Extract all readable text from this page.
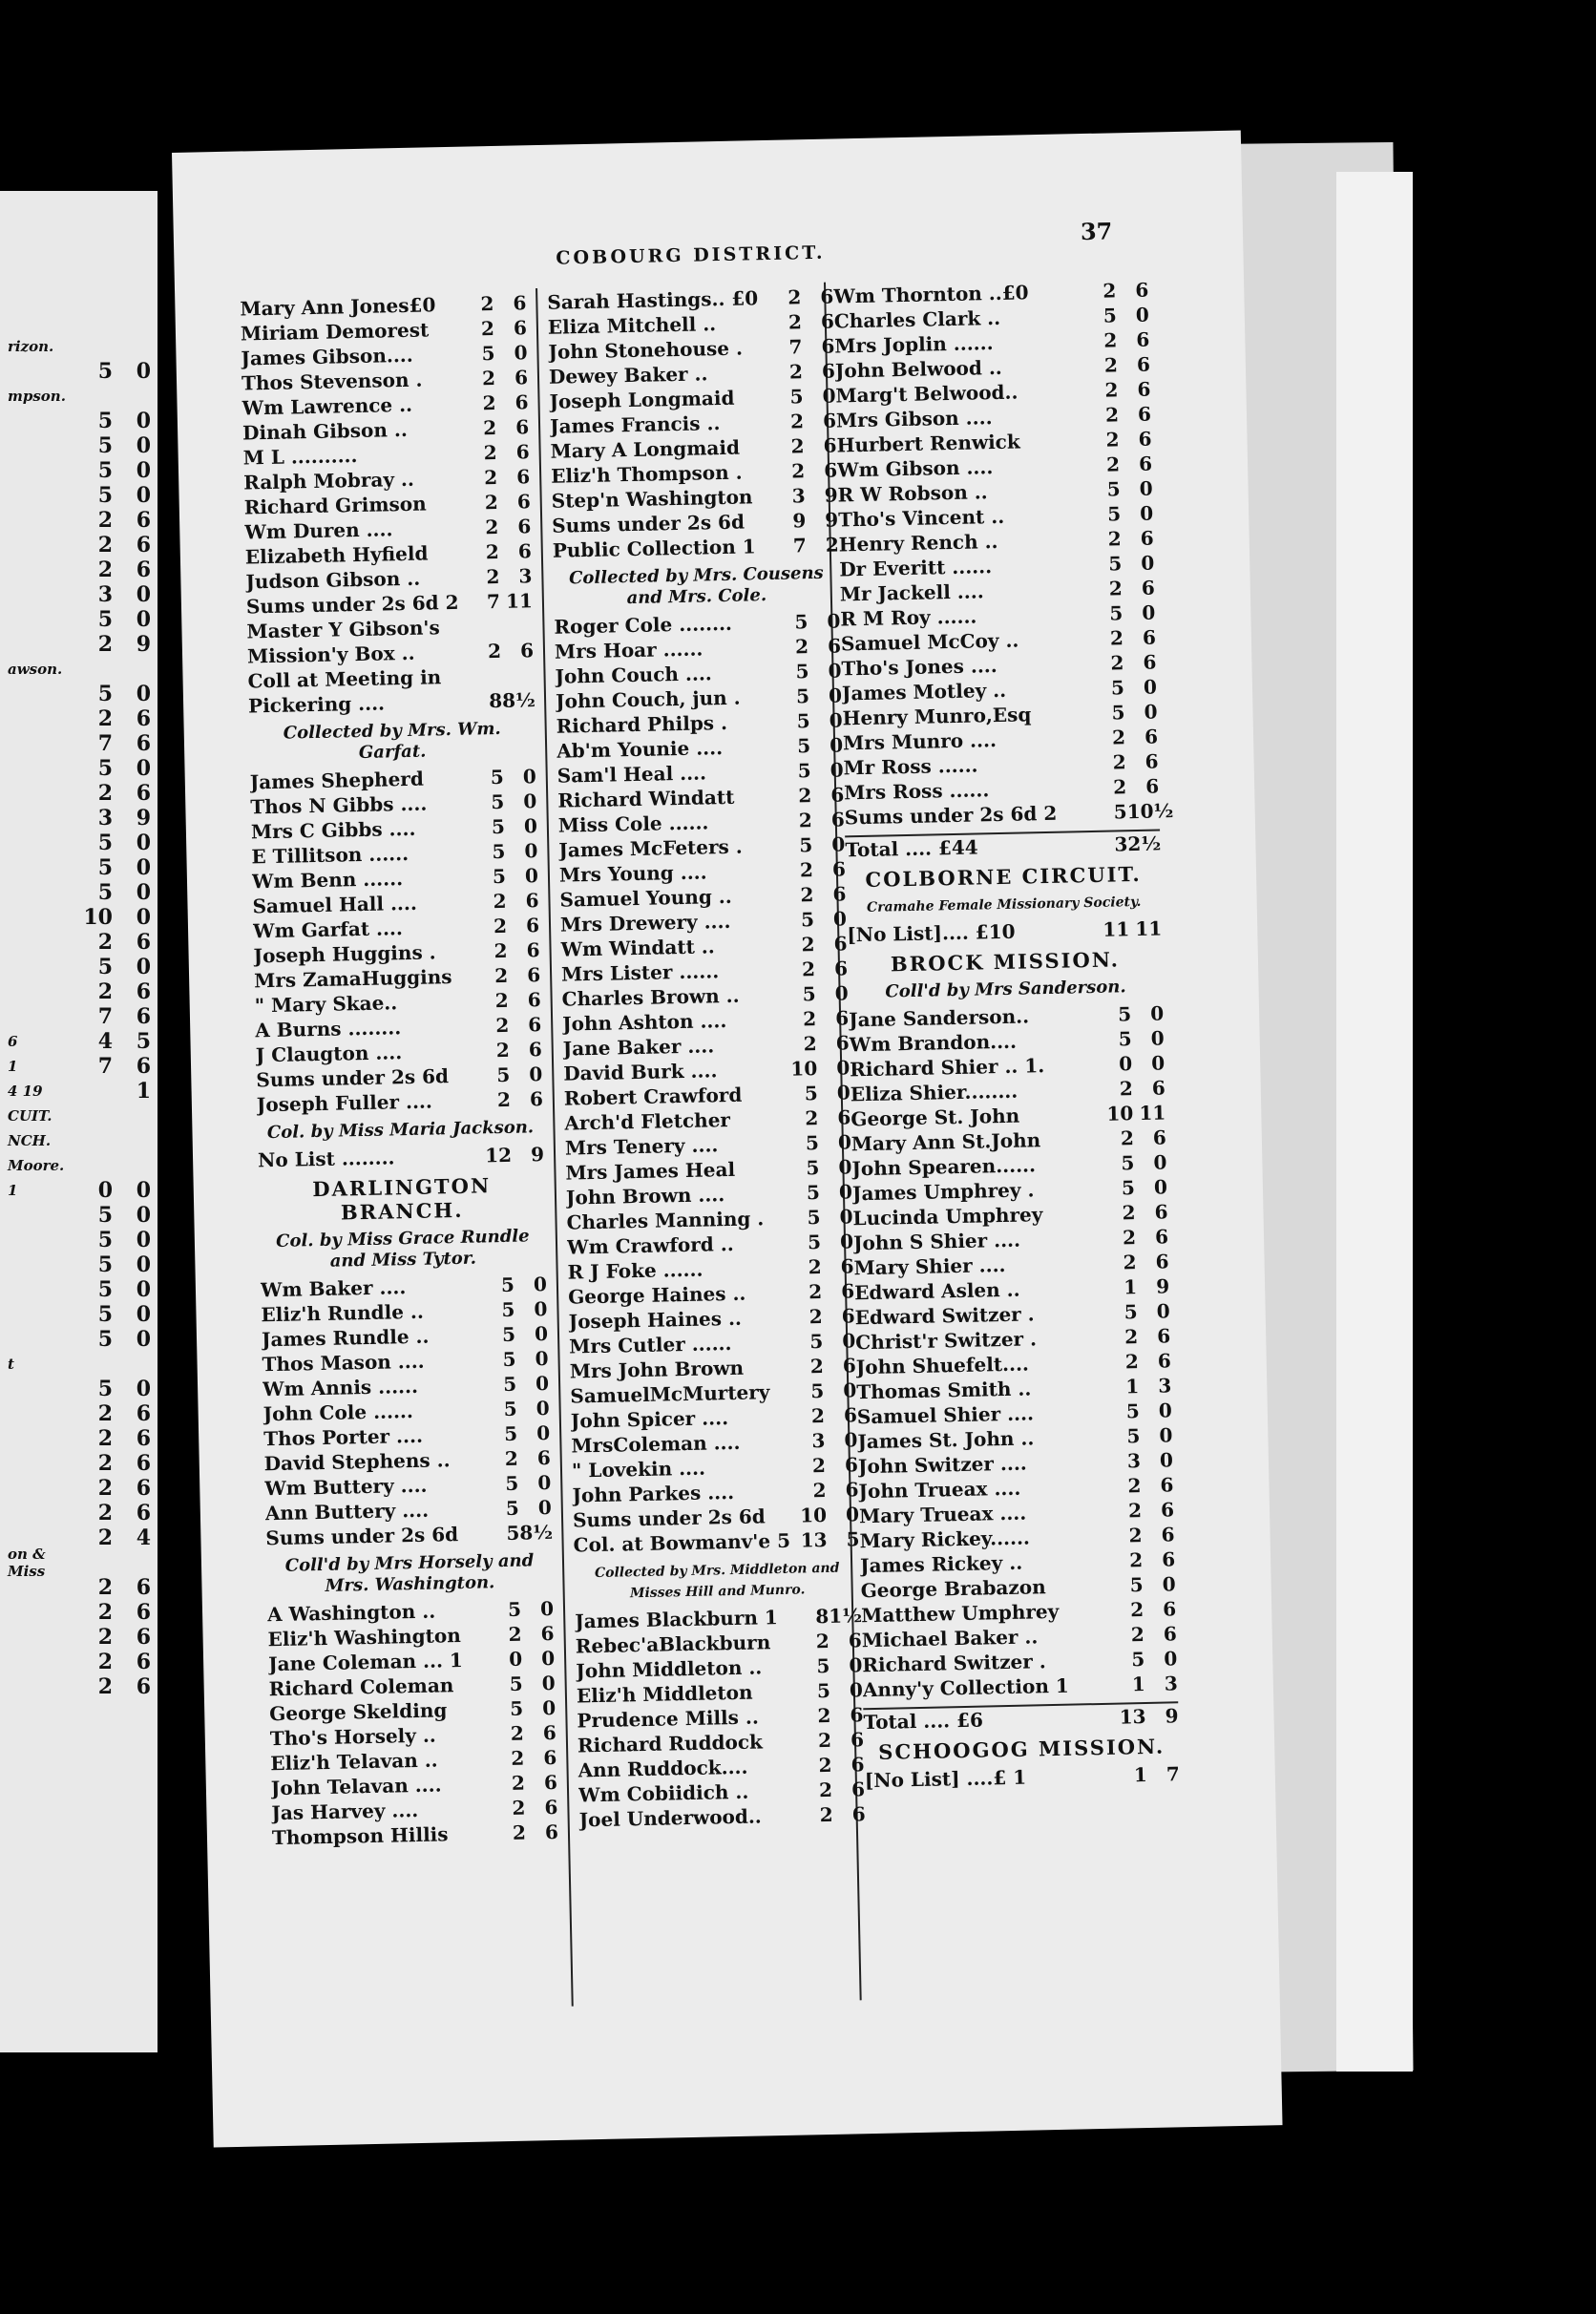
rizon.
5	0
mpson.
5	0
5	0
5	0
5	0
2	6
2	6
2	6
3	0
5	0
2	9
awson.
5	0
2	6
7	6
5	0
2	6
3	9
5	0
5	0
5	0
10	0
2	6
5	0
2	6
7	6
6	4	5
1	7	6
4 19	1
CUIT.
NCH.
Moore.
1	0	0
5	0
5	0
5	0
5	0
5	0
5	0
t
5	0
2	6
2	6
2	6
2	6
2	6
2	4
on & Miss
2	6
2	6
2	6
2	6
2	6
COBOURG DISTRICT.
37
Mary Ann Jones£0	2 6
Miriam Demorest	2 6
James Gibson....	5 0
Thos Stevenson .	2 6
Wm Lawrence ..	2 6
Dinah Gibson ..	2 6
M L ..........	2 6
Ralph Mobray ..	2 6
Richard Grimson	2 6
Wm Duren ....	2 6
Elizabeth Hyfield	2 6
Judson Gibson ..	2 3
Sums under 2s 6d 2	7 11
Master Y Gibson's
Mission'y Box ..	2 6
Coll at Meeting in
Pickering ....	8 8½
Collected by Mrs. Wm. Garfat.
James Shepherd	5 0
Thos N Gibbs ....	5 0
Mrs C Gibbs ....	5 0
E Tillitson ......	5 0
Wm Benn ......	5 0
Samuel Hall ....	2 6
Wm Garfat ....	2 6
Joseph Huggins .	2 6
Mrs ZamaHuggins	2 6
" Mary Skae..	2 6
A Burns ........	2 6
J Claugton ....	2 6
Sums under 2s 6d	5 0
Joseph Fuller ....	2 6
Col. by Miss Maria Jackson.
No List ........	12 9
DARLINGTON BRANCH.
Col. by Miss Grace Rundle and Miss Tytor.
Wm Baker ....	5 0
Eliz'h Rundle ..	5 0
James Rundle ..	5 0
Thos Mason ....	5 0
Wm Annis ......	5 0
John Cole ......	5 0
Thos Porter ....	5 0
David Stephens ..	2 6
Wm Buttery ....	5 0
Ann Buttery ....	5 0
Sums under 2s 6d	5 8½
Coll'd by Mrs Horsely and Mrs. Washington.
A Washington ..	5 0
Eliz'h Washington	2 6
Jane Coleman ... 1	0 0
Richard Coleman	5 0
George Skelding	5 0
Tho's Horsely ..	2 6
Eliz'h Telavan ..	2 6
John Telavan ....	2 6
Jas Harvey ....	2 6
Thompson Hillis	2 6
Sarah Hastings.. £0	2 6
Eliza Mitchell ..	2 6
John Stonehouse .	7 6
Dewey Baker ..	2 6
Joseph Longmaid	5 0
James Francis ..	2 6
Mary A Longmaid	2 6
Eliz'h Thompson .	2 6
Step'n Washington	3 9
Sums under 2s 6d	9 9
Public Collection 1	7 2
Collected by Mrs. Cousens and Mrs. Cole.
Roger Cole ........	5 0
Mrs Hoar ......	2 6
John Couch ....	5 0
John Couch, jun .	5 0
Richard Philps .	5 0
Ab'm Younie ....	5 0
Sam'l Heal ....	5 0
Richard Windatt	2 6
Miss Cole ......	2 6
James McFeters .	5 0
Mrs Young ....	2 6
Samuel Young ..	2 6
Mrs Drewery ....	5 0
Wm Windatt ..	2 6
Mrs Lister ......	2 6
Charles Brown ..	5 0
John Ashton ....	2 6
Jane Baker ....	2 6
David Burk ....	10 0
Robert Crawford	5 0
Arch'd Fletcher	2 6
Mrs Tenery ....	5 0
Mrs James Heal	5 0
John Brown ....	5 0
Charles Manning .	5 0
Wm Crawford ..	5 0
R J Foke ......	2 6
George Haines ..	2 6
Joseph Haines ..	2 6
Mrs Cutler ......	5 0
Mrs John Brown	2 6
SamuelMcMurtery	5 0
John Spicer ....	2 6
MrsColeman ....	3 0
" Lovekin ....	2 6
John Parkes ....	2 6
Sums under 2s 6d	10 0
Col. at Bowmanv'e 5 13 5
Collected by Mrs. Middleton and Misses Hill and Munro.
James Blackburn 1	8 1½
Rebec'aBlackburn	2 6
John Middleton ..	5 0
Eliz'h Middleton	5 0
Prudence Mills ..	2 6
Richard Ruddock	2 6
Ann Ruddock....	2 6
Wm Cobiidich ..	2 6
Joel Underwood..	2 6
Wm Thornton ..£0	2 6
Charles Clark ..	5 0
Mrs Joplin ......	2 6
John Belwood ..	2 6
Marg't Belwood..	2 6
Mrs Gibson ....	2 6
Hurbert Renwick	2 6
Wm Gibson ....	2 6
R W Robson ..	5 0
Tho's Vincent ..	5 0
Henry Rench ..	2 6
Dr Everitt ......	5 0
Mr Jackell ....	2 6
R M Roy ......	5 0
Samuel McCoy ..	2 6
Tho's Jones ....	2 6
James Motley ..	5 0
Henry Munro,Esq	5 0
Mrs Munro ....	2 6
Mr Ross ......	2 6
Mrs Ross ......	2 6
Sums under 2s 6d 2	5 10½
Total .... £44	3 2½
COLBORNE CIRCUIT.
Cramahe Female Missionary Society.
[No List].... £10	11 11
BROCK MISSION.
Coll'd by Mrs Sanderson.
Jane Sanderson..	5 0
Wm Brandon....	5 0
Richard Shier .. 1.	0 0
Eliza Shier........	2 6
George St. John	10 11
Mary Ann St.John	2 6
John Spearen......	5 0
James Umphrey .	5 0
Lucinda Umphrey	2 6
John S Shier ....	2 6
Mary Shier ....	2 6
Edward Aslen ..	1 9
Edward Switzer .	5 0
Christ'r Switzer .	2 6
John Shuefelt....	2 6
Thomas Smith ..	1 3
Samuel Shier ....	5 0
James St. John ..	5 0
John Switzer ....	3 0
John Trueax ....	2 6
Mary Trueax ....	2 6
Mary Rickey......	2 6
James Rickey ..	2 6
George Brabazon	5 0
Matthew Umphrey	2 6
Michael Baker ..	2 6
Richard Switzer .	5 0
Anny'y Collection 1	1 3
Total .... £6	13 9
SCHOOGOG MISSION.
[No List] ....£ 1	1 7
